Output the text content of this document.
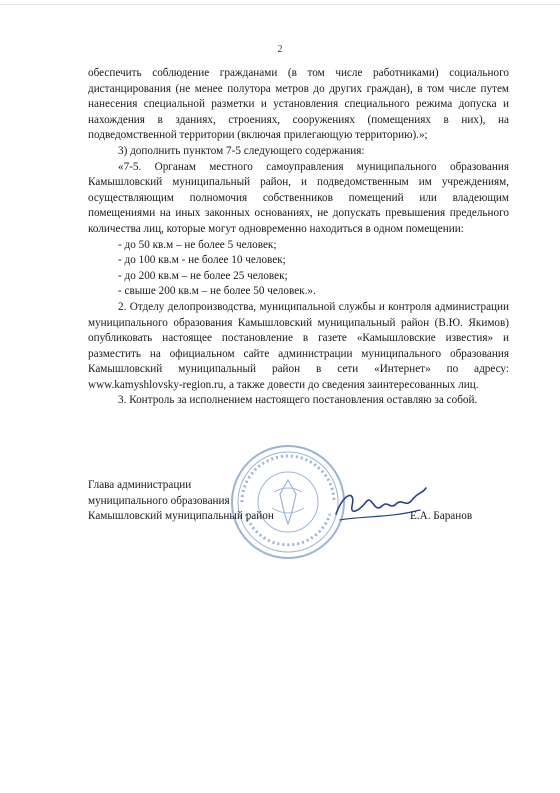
2

обеспечить соблюдение гражданами (в том числе работниками) социального дистанцирования (не менее полутора метров до других граждан), в том числе путем нанесения специальной разметки и установления специального режима допуска и нахождения в зданиях, строениях, сооружениях (помещениях в них), на подведомственной территории (включая прилегающую территорию).»;

3) дополнить пунктом 7-5 следующего содержания:

«7-5. Органам местного самоуправления муниципального образования Камышловский муниципальный район, и подведомственным им учреждениям, осуществляющим полномочия собственников помещений или владеющим помещениями на иных законных основаниях, не допускать превышения предельного количества лиц, которые могут одновременно находиться в одном помещении:

- до 50 кв.м – не более 5 человек;

- до 100 кв.м - не более 10 человек;

- до 200 кв.м – не более 25 человек;

- свыше 200 кв.м – не более 50 человек.».

2. Отделу делопроизводства, муниципальной службы и контроля администрации муниципального образования Камышловский муниципальный район (В.Ю. Якимов) опубликовать настоящее постановление в газете «Камышловские известия» и разместить на официальном сайте администрации муниципального образования Камышловский муниципальный район в сети «Интернет» по адресу: www.kamyshlovsky-region.ru, а также довести до сведения заинтересованных лиц.

3. Контроль за исполнением настоящего постановления оставляю за собой.

Глава администрации
муниципального образования
Камышловский муниципальный район	Е.А. Баранов
